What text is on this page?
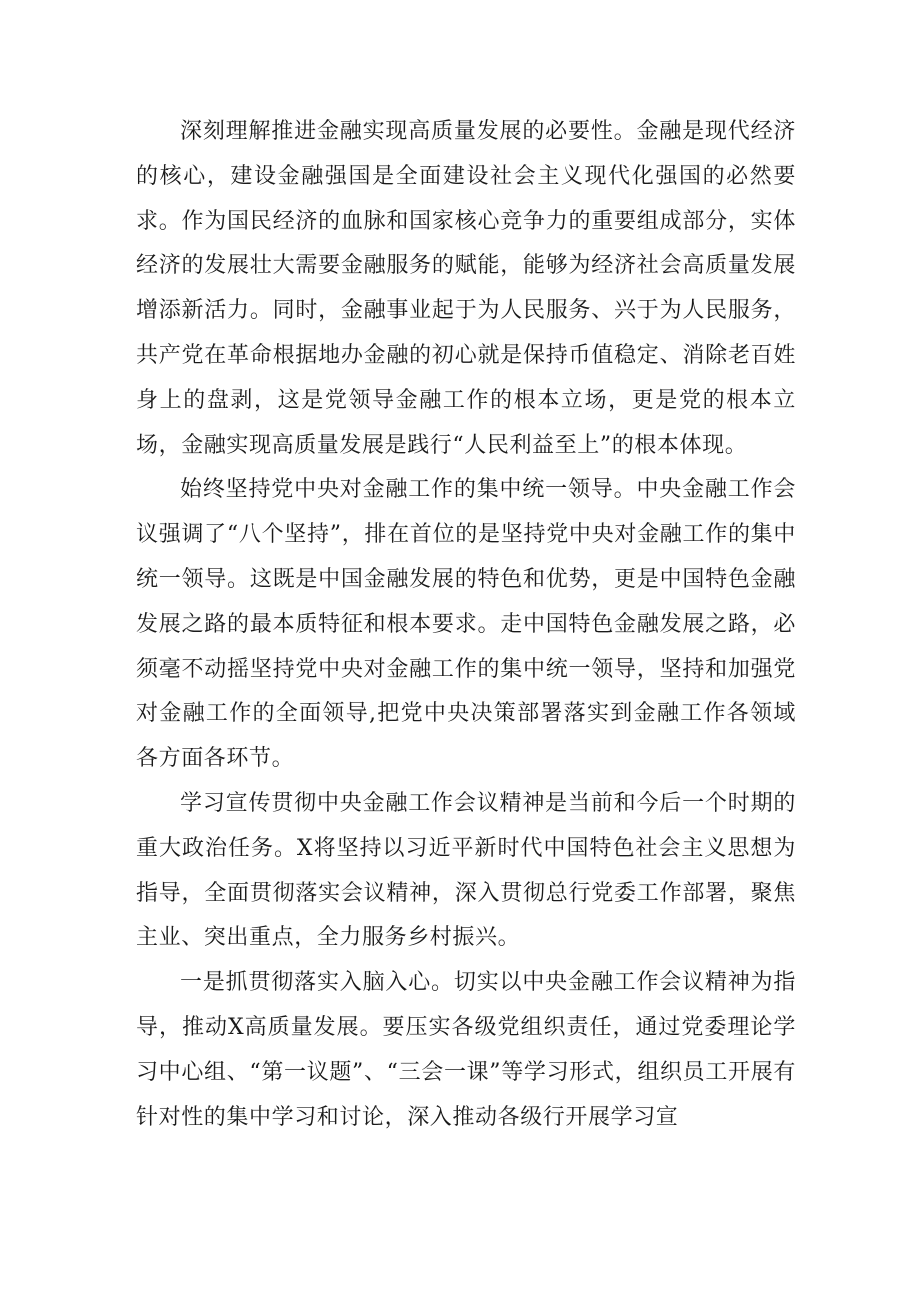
深刻理解推进金融实现高质量发展的必要性。金融是现代经济的核心，建设金融强国是全面建设社会主义现代化强国的必然要求。作为国民经济的血脉和国家核心竞争力的重要组成部分，实体经济的发展壮大需要金融服务的赋能，能够为经济社会高质量发展增添新活力。同时，金融事业起于为人民服务、兴于为人民服务，共产党在革命根据地办金融的初心就是保持币值稳定、消除老百姓身上的盘剥，这是党领导金融工作的根本立场，更是党的根本立场，金融实现高质量发展是践行“人民利益至上”的根本体现。

始终坚持党中央对金融工作的集中统一领导。中央金融工作会议强调了“八个坚持”，排在首位的是坚持党中央对金融工作的集中统一领导。这既是中国金融发展的特色和优势，更是中国特色金融发展之路的最本质特征和根本要求。走中国特色金融发展之路，必须毫不动摇坚持党中央对金融工作的集中统一领导，坚持和加强党对金融工作的全面领导,把党中央决策部署落实到金融工作各领域各方面各环节。

学习宣传贯彻中央金融工作会议精神是当前和今后一个时期的重大政治任务。X将坚持以习近平新时代中国特色社会主义思想为指导，全面贯彻落实会议精神，深入贯彻总行党委工作部署，聚焦主业、突出重点，全力服务乡村振兴。

一是抓贯彻落实入脑入心。切实以中央金融工作会议精神为指导，推动X高质量发展。要压实各级党组织责任，通过党委理论学习中心组、“第一议题”、“三会一课”等学习形式，组织员工开展有针对性的集中学习和讨论，深入推动各级行开展学习宣
